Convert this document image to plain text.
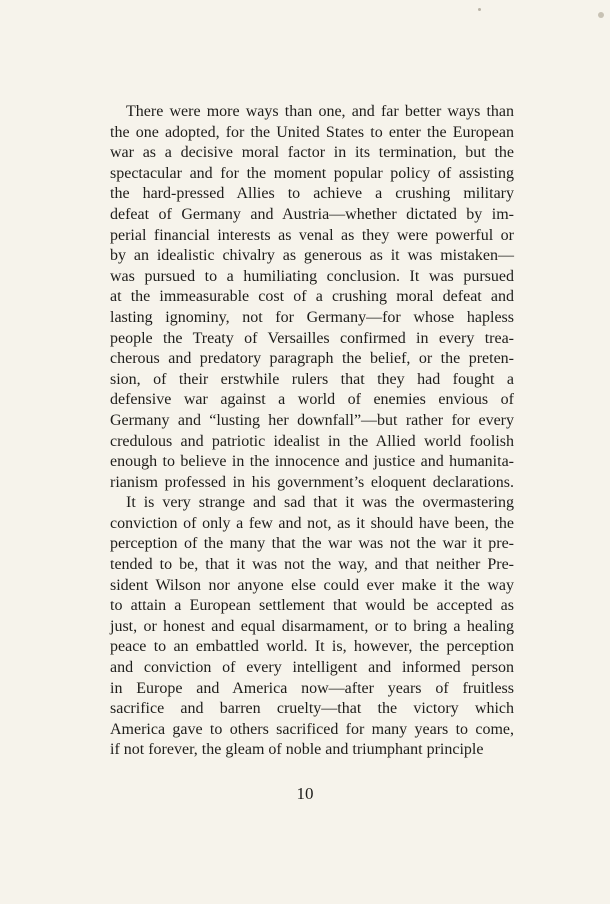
There were more ways than one, and far better ways than
the one adopted, for the United States to enter the European
war as a decisive moral factor in its termination, but the
spectacular and for the moment popular policy of assisting
the hard-pressed Allies to achieve a crushing military
defeat of Germany and Austria—whether dictated by im-
perial financial interests as venal as they were powerful or
by an idealistic chivalry as generous as it was mistaken—
was pursued to a humiliating conclusion. It was pursued
at the immeasurable cost of a crushing moral defeat and
lasting ignominy, not for Germany—for whose hapless
people the Treaty of Versailles confirmed in every trea-
cherous and predatory paragraph the belief, or the preten-
sion, of their erstwhile rulers that they had fought a
defensive war against a world of enemies envious of
Germany and “lusting her downfall”—but rather for every
credulous and patriotic idealist in the Allied world foolish
enough to believe in the innocence and justice and humanita-
rianism professed in his government’s eloquent declarations.
It is very strange and sad that it was the overmastering
conviction of only a few and not, as it should have been, the
perception of the many that the war was not the war it pre-
tended to be, that it was not the way, and that neither Pre-
sident Wilson nor anyone else could ever make it the way
to attain a European settlement that would be accepted as
just, or honest and equal disarmament, or to bring a healing
peace to an embattled world. It is, however, the perception
and conviction of every intelligent and informed person
in Europe and America now—after years of fruitless
sacrifice and barren cruelty—that the victory which
America gave to others sacrificed for many years to come,
if not forever, the gleam of noble and triumphant principle
10
